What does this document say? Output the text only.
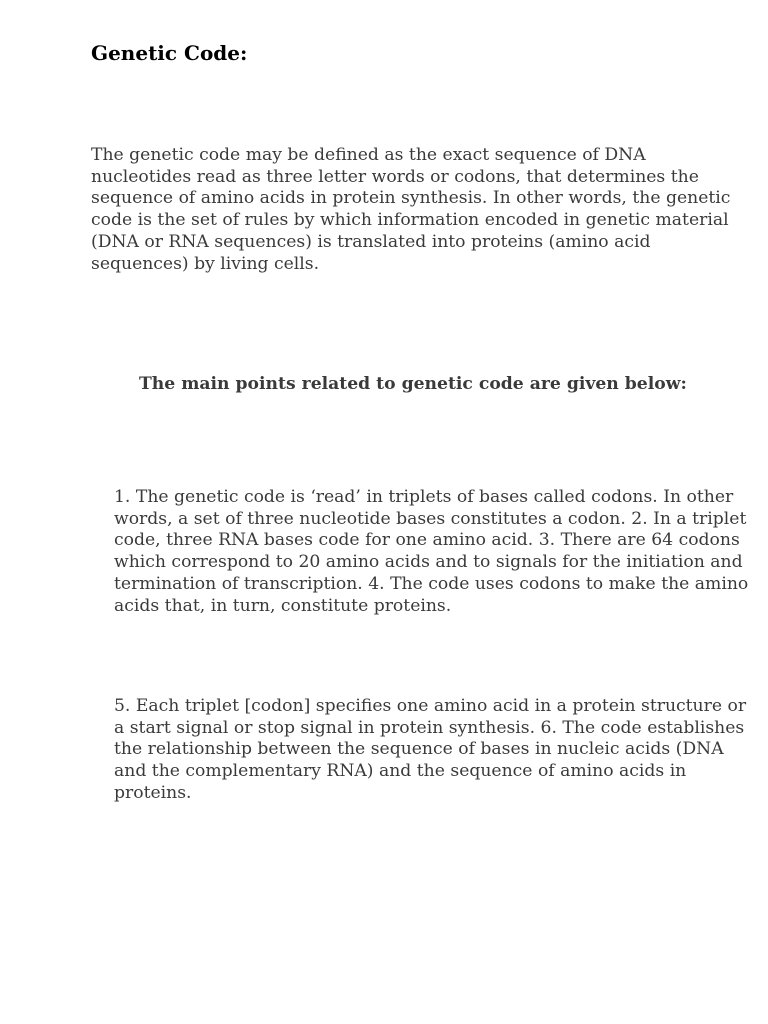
Genetic Code:

The genetic code may be defined as the exact sequence of DNA nucleotides read as three letter words or codons, that determines the sequence of amino acids in protein synthesis. In other words, the genetic code is the set of rules by which information encoded in genetic material (DNA or RNA sequences) is translated into proteins (amino acid sequences) by living cells.

The main points related to genetic code are given below:

1. The genetic code is ‘read’ in triplets of bases called codons. In other words, a set of three nucleotide bases constitutes a codon. 2. In a triplet code, three RNA bases code for one amino acid. 3. There are 64 codons which correspond to 20 amino acids and to signals for the initiation and termination of transcription. 4. The code uses codons to make the amino acids that, in turn, constitute proteins.

5. Each triplet [codon] specifies one amino acid in a protein structure or a start signal or stop signal in protein synthesis. 6. The code establishes the relationship between the sequence of bases in nucleic acids (DNA and the complementary RNA) and the sequence of amino acids in proteins.
